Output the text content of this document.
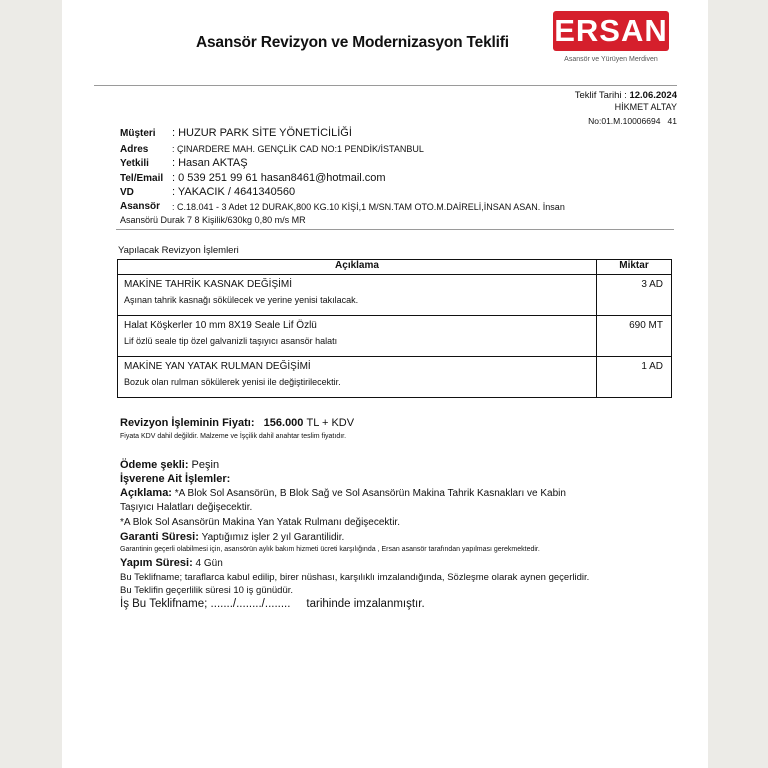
Asansör Revizyon ve Modernizasyon Teklifi ERSAN
Asansör ve Yürüyen Merdiven
Teklif Tarihi : 12.06.2024
HİKMET ALTAY
No:01.M.10006694 41
Müşteri : HUZUR PARK SİTE YÖNETİCİLİĞİ
Adres	: ÇINARDERE MAH. GENÇLİK CAD NO:1 PENDİK/İSTANBUL
Yetkili : Hasan AKTAŞ
Tel/Email : 0 539 251 99 61 hasan8461@hotmail.com
VD	: YAKACIK / 4641340560
Asansör : C.18.041 - 3 Adet 12 DURAK,800 KG.10 KİŞİ,1 M/SN.TAM OTO.M.DAİRELİ,İNSAN ASAN. İnsan
Asansörü Durak 7 8 Kişilik/630kg 0,80 m/s MR
Yapılacak Revizyon İşlemleri
Açıklama	Miktar

MAKİNE TAHRİK KASNAK DEĞİŞİMİ
Aşınan tahrik kasnağı sökülecek ve yerine yenisi takılacak.	3 AD

Halat Köşkerler 10 mm 8X19 Seale Lif Özlü
Lif özlü seale tip özel galvanizli taşıyıcı asansör halatı	690 MT

MAKİNE YAN YATAK RULMAN DEĞİŞİMİ
Bozuk olan rulman sökülerek yenisi ile değiştirilecektir.	1 AD
Revizyon İşleminin Fiyatı: 156.000 TL + KDV
Fiyata KDV dahil değildir. Malzeme ve İşçilik dahil anahtar teslim fiyatıdır.
Ödeme şekli: Peşin
İşverene Ait İşlemler:
Açıklama: *A Blok Sol Asansörün, B Blok Sağ ve Sol Asansörün Makina Tahrik Kasnakları ve Kabin
Taşıyıcı Halatları değişecektir.
*A Blok Sol Asansörün Makina Yan Yatak Rulmanı değişecektir.
Garanti Süresi: Yaptığımız işler 2 yıl Garantilidir.
Garantinin geçerli olabilmesi için, asansörün aylık bakım hizmeti ücreti karşılığında , Ersan asansör tarafından yapılması gerekmektedir.
Yapım Süresi: 4 Gün
Bu Teklifname; taraflarca kabul edilip, birer nüshası, karşılıklı imzalandığında, Sözleşme olarak aynen geçerlidir.
Bu Teklifin geçerlilik süresi 10 iş günüdür.
İş Bu Teklifname; ......./......../........     tarihinde imzalanmıştır.
